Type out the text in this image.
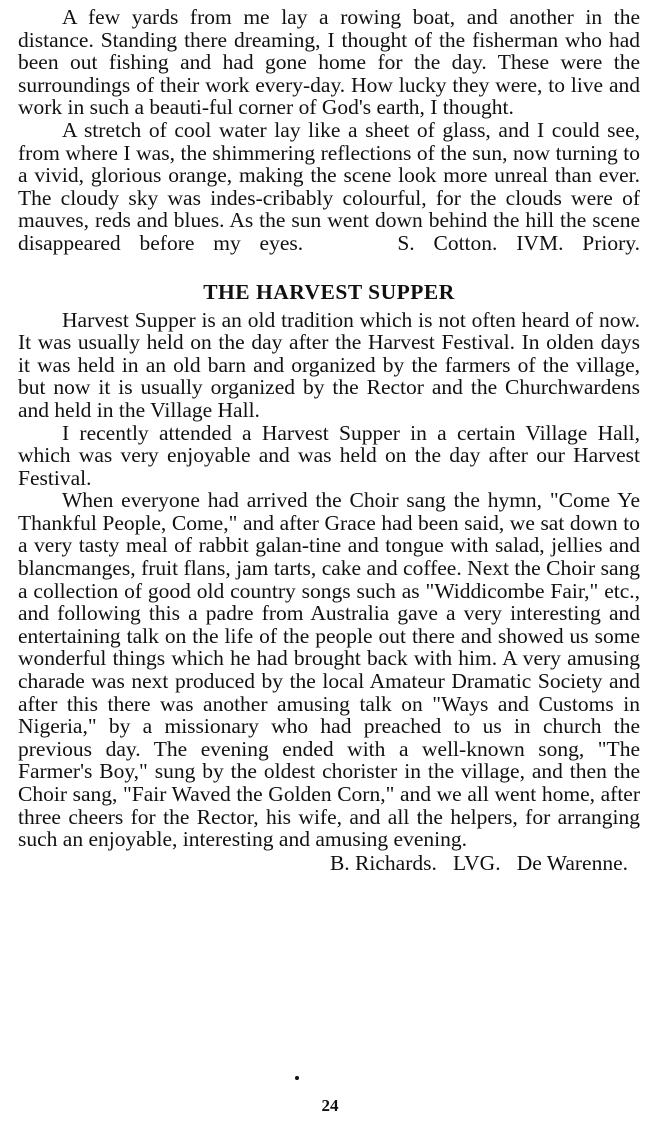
A few yards from me lay a rowing boat, and another in the distance. Standing there dreaming, I thought of the fisherman who had been out fishing and had gone home for the day. These were the surroundings of their work every-day. How lucky they were, to live and work in such a beauti-ful corner of God's earth, I thought.

A stretch of cool water lay like a sheet of glass, and I could see, from where I was, the shimmering reflections of the sun, now turning to a vivid, glorious orange, making the scene look more unreal than ever. The cloudy sky was indes-cribably colourful, for the clouds were of mauves, reds and blues. As the sun went down behind the hill the scene disappeared before my eyes.	S. Cotton. IVM. Priory.

THE HARVEST SUPPER

Harvest Supper is an old tradition which is not often heard of now. It was usually held on the day after the Harvest Festival. In olden days it was held in an old barn and organized by the farmers of the village, but now it is usually organized by the Rector and the Churchwardens and held in the Village Hall.

I recently attended a Harvest Supper in a certain Village Hall, which was very enjoyable and was held on the day after our Harvest Festival.

When everyone had arrived the Choir sang the hymn, "Come Ye Thankful People, Come," and after Grace had been said, we sat down to a very tasty meal of rabbit galan-tine and tongue with salad, jellies and blancmanges, fruit flans, jam tarts, cake and coffee. Next the Choir sang a collection of good old country songs such as "Widdicombe Fair," etc., and following this a padre from Australia gave a very interesting and entertaining talk on the life of the people out there and showed us some wonderful things which he had brought back with him. A very amusing charade was next produced by the local Amateur Dramatic Society and after this there was another amusing talk on "Ways and Customs in Nigeria," by a missionary who had preached to us in church the previous day. The evening ended with a well-known song, "The Farmer's Boy," sung by the oldest chorister in the village, and then the Choir sang, "Fair Waved the Golden Corn," and we all went home, after three cheers for the Rector, his wife, and all the helpers, for arranging such an enjoyable, interesting and amusing evening.

B. Richards. LVG. De Warenne.

24
